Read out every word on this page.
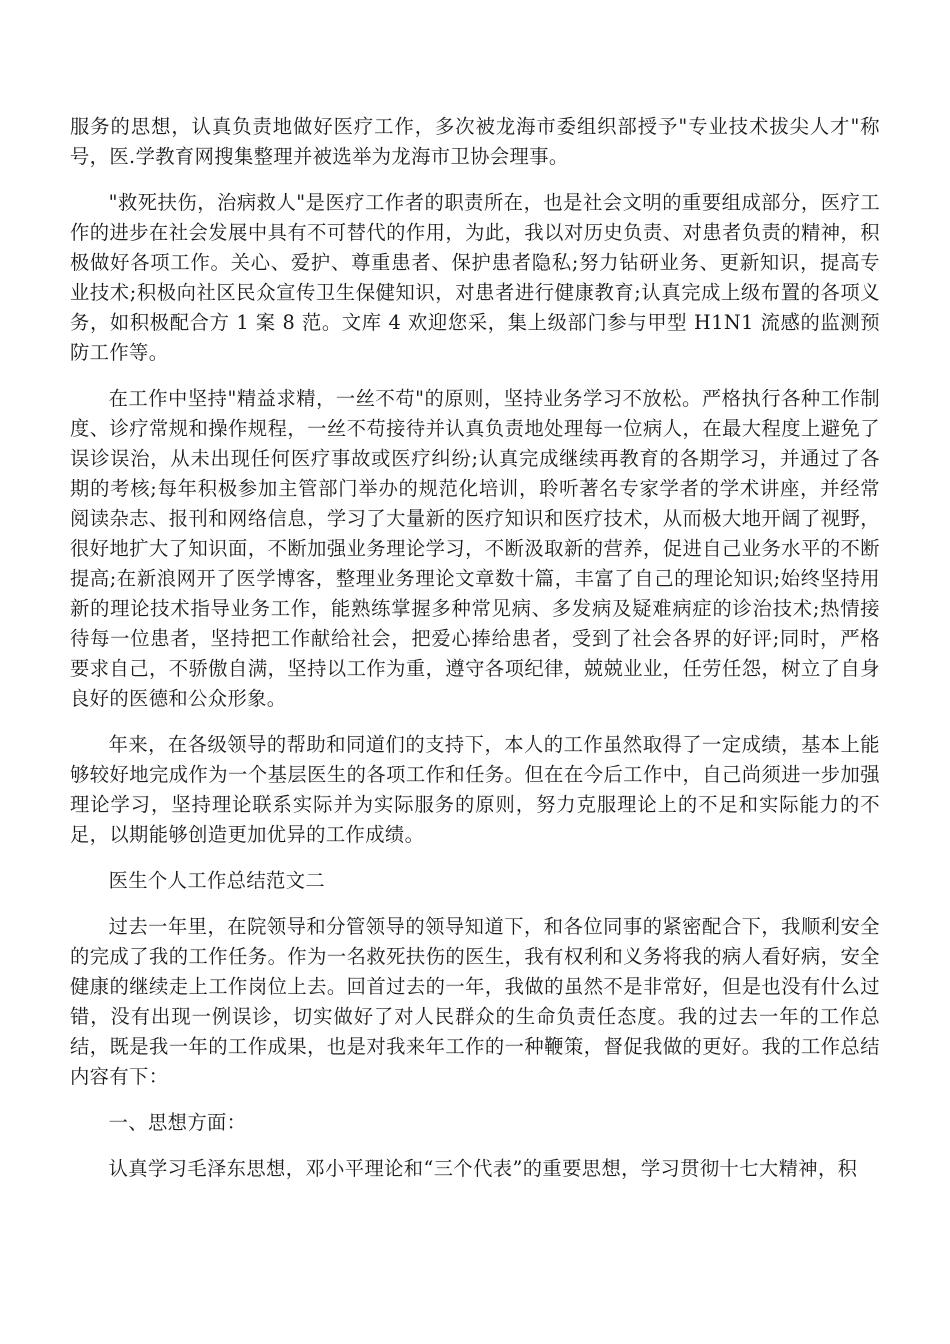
服务的思想，认真负责地做好医疗工作，多次被龙海市委组织部授予"专业技术拔尖人才"称号，医.学教育网搜集整理并被选举为龙海市卫协会理事。

"救死扶伤，治病救人"是医疗工作者的职责所在，也是社会文明的重要组成部分，医疗工作的进步在社会发展中具有不可替代的作用，为此，我以对历史负责、对患者负责的精神，积极做好各项工作。关心、爱护、尊重患者、保护患者隐私;努力钻研业务、更新知识，提高专业技术;积极向社区民众宣传卫生保健知识，对患者进行健康教育;认真完成上级布置的各项义务，如积极配合方 1 案 8 范。文库 4 欢迎您采，集上级部门参与甲型 H1N1 流感的监测预防工作等。

在工作中坚持"精益求精，一丝不苟"的原则，坚持业务学习不放松。严格执行各种工作制度、诊疗常规和操作规程，一丝不苟接待并认真负责地处理每一位病人，在最大程度上避免了误诊误治，从未出现任何医疗事故或医疗纠纷;认真完成继续再教育的各期学习，并通过了各期的考核;每年积极参加主管部门举办的规范化培训，聆听著名专家学者的学术讲座，并经常阅读杂志、报刊和网络信息，学习了大量新的医疗知识和医疗技术，从而极大地开阔了视野，很好地扩大了知识面，不断加强业务理论学习，不断汲取新的营养，促进自己业务水平的不断提高;在新浪网开了医学博客，整理业务理论文章数十篇，丰富了自己的理论知识;始终坚持用新的理论技术指导业务工作，能熟练掌握多种常见病、多发病及疑难病症的诊治技术;热情接待每一位患者，坚持把工作献给社会，把爱心捧给患者，受到了社会各界的好评;同时，严格要求自己，不骄傲自满，坚持以工作为重，遵守各项纪律，兢兢业业，任劳任怨，树立了自身良好的医德和公众形象。

年来，在各级领导的帮助和同道们的支持下，本人的工作虽然取得了一定成绩，基本上能够较好地完成作为一个基层医生的各项工作和任务。但在在今后工作中，自己尚须进一步加强理论学习，坚持理论联系实际并为实际服务的原则，努力克服理论上的不足和实际能力的不足，以期能够创造更加优异的工作成绩。

医生个人工作总结范文二

过去一年里，在院领导和分管领导的领导知道下，和各位同事的紧密配合下，我顺利安全的完成了我的工作任务。作为一名救死扶伤的医生，我有权利和义务将我的病人看好病，安全健康的继续走上工作岗位上去。回首过去的一年，我做的虽然不是非常好，但是也没有什么过错，没有出现一例误诊，切实做好了对人民群众的生命负责任态度。我的过去一年的工作总结，既是我一年的工作成果，也是对我来年工作的一种鞭策，督促我做的更好。我的工作总结内容有下：

一、思想方面：

认真学习毛泽东思想，邓小平理论和“三个代表”的重要思想，学习贯彻十七大精神，积
